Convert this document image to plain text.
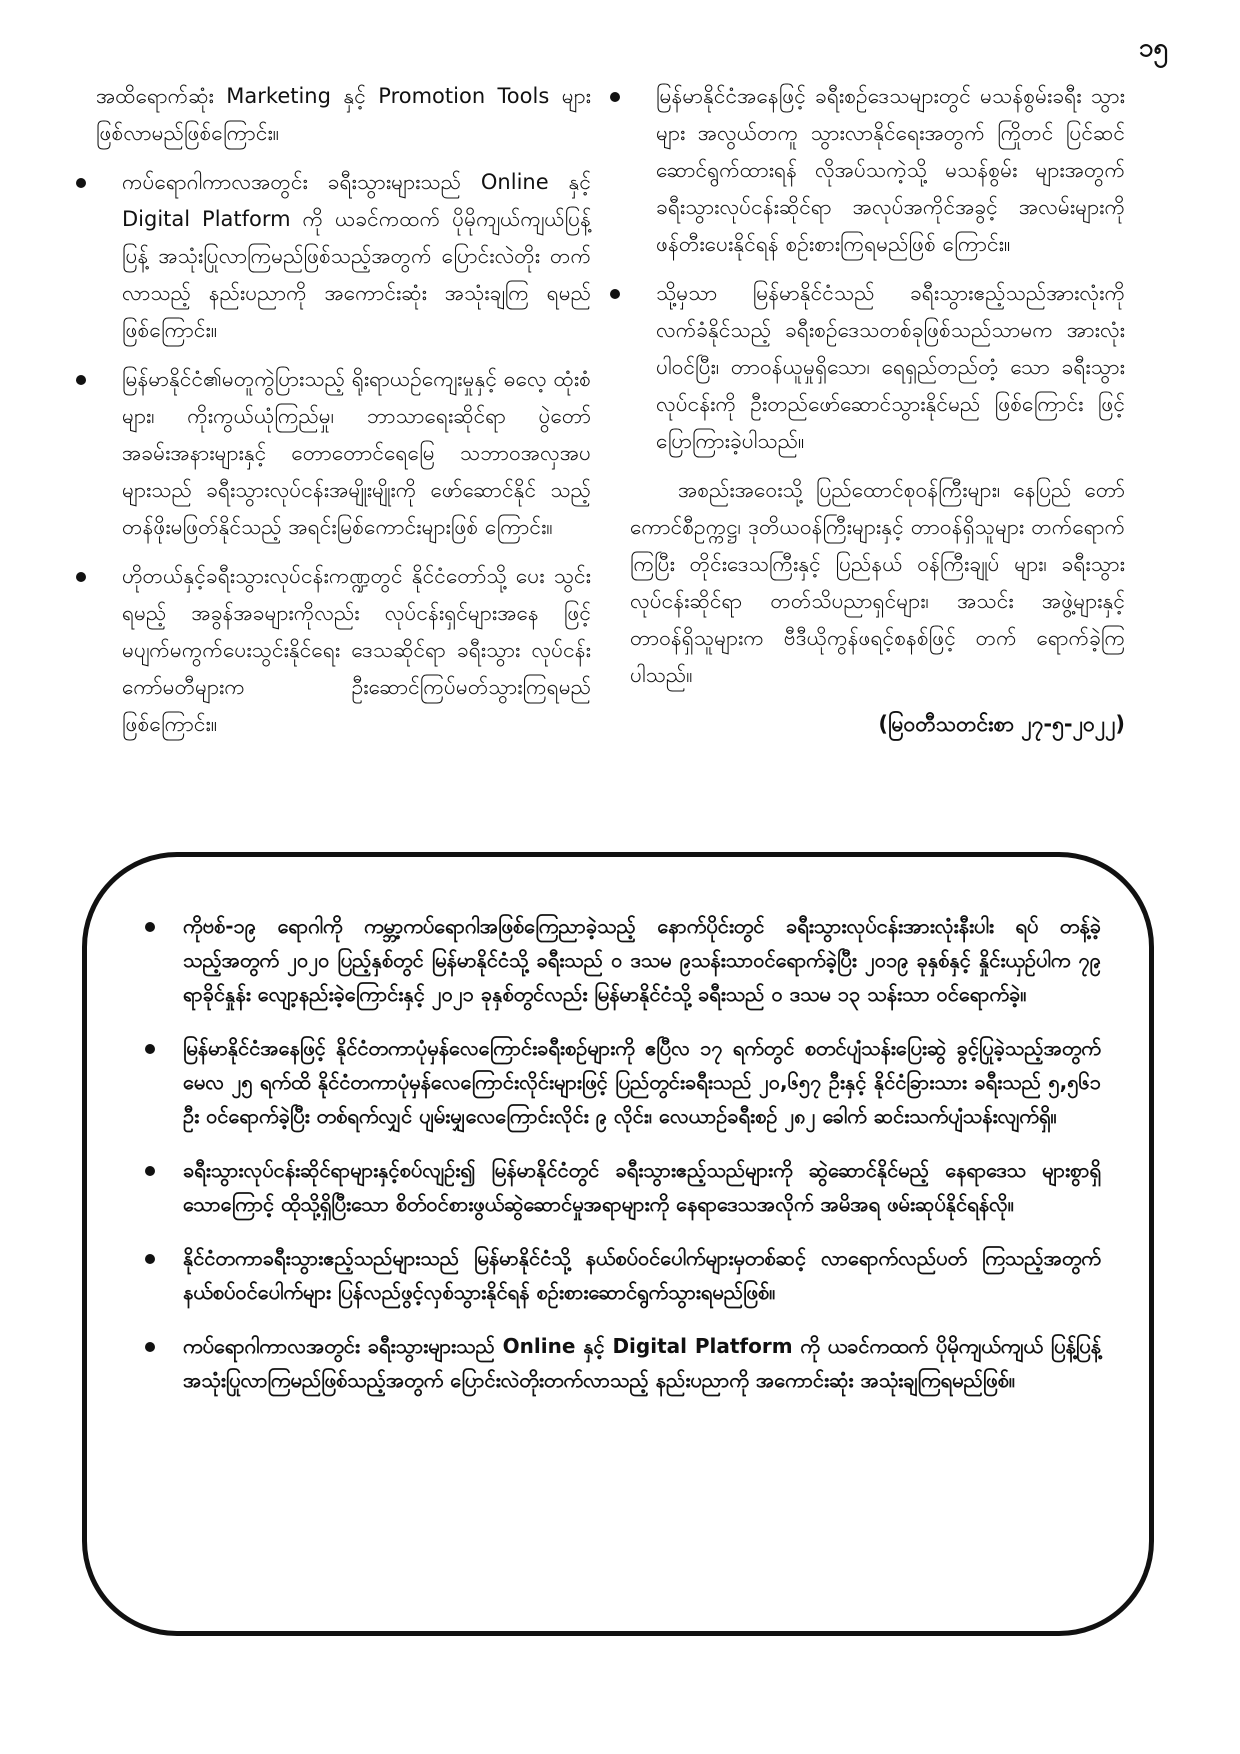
၁၅

အထိရောက်ဆုံး Marketing နှင့် Promotion Tools များ ဖြစ်လာမည်ဖြစ်ကြောင်း။

ကပ်ရောဂါကာလအတွင်း ခရီးသွားများသည် Online နှင့် Digital Platform ကို ယခင်ကထက် ပိုမိုကျယ်ကျယ်ပြန့် ပြန့် အသုံးပြုလာကြမည်ဖြစ်သည့်အတွက် ပြောင်းလဲတိုး တက်လာသည့် နည်းပညာကို အကောင်းဆုံး အသုံးချကြ ရမည်ဖြစ်ကြောင်း။
မြန်မာနိုင်ငံ၏မတူကွဲပြားသည့် ရိုးရာယဉ်ကျေးမှုနှင့် ဓလေ့ ထုံးစံများ၊ ကိုးကွယ်ယုံကြည်မှု၊ ဘာသာရေးဆိုင်ရာ ပွဲတော် အခမ်းအနားများနှင့် တောတောင်ရေမြေ သဘာဝအလှအပ များသည် ခရီးသွားလုပ်ငန်းအမျိုးမျိုးကို ဖော်ဆောင်နိုင် သည့် တန်ဖိုးမဖြတ်နိုင်သည့် အရင်းမြစ်ကောင်းများဖြစ် ကြောင်း။
ဟိုတယ်နှင့်ခရီးသွားလုပ်ငန်းကဏ္ဍတွင် နိုင်ငံတော်သို့ ပေး သွင်းရမည့် အခွန်အခများကိုလည်း လုပ်ငန်းရှင်များအနေ ဖြင့် မပျက်မကွက်ပေးသွင်းနိုင်ရေး ဒေသဆိုင်ရာ ခရီးသွား လုပ်ငန်းကော်မတီများက ဦးဆောင်ကြပ်မတ်သွားကြရမည် ဖြစ်ကြောင်း။
မြန်မာနိုင်ငံအနေဖြင့် ခရီးစဉ်ဒေသများတွင် မသန်စွမ်းခရီး သွားများ အလွယ်တကူ သွားလာနိုင်ရေးအတွက် ကြိုတင် ပြင်ဆင်ဆောင်ရွက်ထားရန် လိုအပ်သကဲ့သို့ မသန်စွမ်း များအတွက် ခရီးသွားလုပ်ငန်းဆိုင်ရာ အလုပ်အကိုင်အခွင့် အလမ်းများကို ဖန်တီးပေးနိုင်ရန် စဉ်းစားကြရမည်ဖြစ် ကြောင်း။
သို့မှသာ မြန်မာနိုင်ငံသည် ခရီးသွားဧည့်သည်အားလုံးကို လက်ခံနိုင်သည့် ခရီးစဉ်ဒေသတစ်ခုဖြစ်သည်သာမက အားလုံးပါဝင်ပြီး၊ တာဝန်ယူမှုရှိသော၊ ရေရှည်တည်တံ့ သော ခရီးသွားလုပ်ငန်းကို ဦးတည်ဖော်ဆောင်သွားနိုင်မည် ဖြစ်ကြောင်း ဖြင့် ပြောကြားခဲ့ပါသည်။

အစည်းအဝေးသို့ ပြည်ထောင်စုဝန်ကြီးများ၊ နေပြည် တော်ကောင်စီဥက္ကဋ္ဌ၊ ဒုတိယဝန်ကြီးများနှင့် တာဝန်ရှိသူများ တက်ရောက်ကြပြီး တိုင်းဒေသကြီးနှင့် ပြည်နယ် ဝန်ကြီးချုပ် များ၊ ခရီးသွားလုပ်ငန်းဆိုင်ရာ တတ်သိပညာရှင်များ၊ အသင်း အဖွဲ့များနှင့် တာဝန်ရှိသူများက ဗီဒီယိုကွန်ဖရင့်စနစ်ဖြင့် တက် ရောက်ခဲ့ကြပါသည်။

(မြဝတီသတင်းစာ ၂၇-၅-၂၀၂၂)
ကိုဗစ်-၁၉ ရောဂါကို ကမ္ဘာ့ကပ်ရောဂါအဖြစ်ကြေညာခဲ့သည့် နောက်ပိုင်းတွင် ခရီးသွားလုပ်ငန်းအားလုံးနီးပါး ရပ် တန့်ခဲ့သည့်အတွက် ၂၀၂၀ ပြည့်နှစ်တွင် မြန်မာနိုင်ငံသို့ ခရီးသည် ၀ ဒသမ ၉သန်းသာဝင်ရောက်ခဲ့ပြီး ၂၀၁၉ ခုနှစ်နှင့် နှိုင်းယှဉ်ပါက ၇၉ ရာခိုင်နှုန်း လျော့နည်းခဲ့ကြောင်းနှင့် ၂၀၂၁ ခုနှစ်တွင်လည်း မြန်မာနိုင်ငံသို့ ခရီးသည် ၀ ဒသမ ၁၃ သန်းသာ ဝင်ရောက်ခဲ့။
မြန်မာနိုင်ငံအနေဖြင့် နိုင်ငံတကာပုံမှန်လေကြောင်းခရီးစဉ်များကို ဧပြီလ ၁၇ ရက်တွင် စတင်ပျံသန်းပြေးဆွဲ ခွင့်ပြုခဲ့သည့်အတွက် မေလ ၂၅ ရက်ထိ နိုင်ငံတကာပုံမှန်လေကြောင်းလိုင်းများဖြင့် ပြည်တွင်းခရီးသည် ၂၀,၆၅၇ ဦးနှင့် နိုင်ငံခြားသား ခရီးသည် ၅,၅၆၁ ဦး ဝင်ရောက်ခဲ့ပြီး တစ်ရက်လျှင် ပျမ်းမျှလေကြောင်းလိုင်း ၉ လိုင်း၊ လေယာဉ်ခရီးစဉ် ၂၈၂ ခေါက် ဆင်းသက်ပျံသန်းလျက်ရှိ။
ခရီးသွားလုပ်ငန်းဆိုင်ရာများနှင့်စပ်လျဉ်း၍ မြန်မာနိုင်ငံတွင် ခရီးသွားဧည့်သည်များကို ဆွဲဆောင်နိုင်မည့် နေရာဒေသ များစွာရှိသောကြောင့် ထိုသို့ရှိပြီးသော စိတ်ဝင်စားဖွယ်ဆွဲဆောင်မှုအရာများကို နေရာဒေသအလိုက် အမိအရ ဖမ်းဆုပ်နိုင်ရန်လို။
နိုင်ငံတကာခရီးသွားဧည့်သည်များသည် မြန်မာနိုင်ငံသို့ နယ်စပ်ဝင်ပေါက်များမှတစ်ဆင့် လာရောက်လည်ပတ် ကြသည့်အတွက် နယ်စပ်ဝင်ပေါက်များ ပြန်လည်ဖွင့်လှစ်သွားနိုင်ရန် စဉ်းစားဆောင်ရွက်သွားရမည်ဖြစ်။
ကပ်ရောဂါကာလအတွင်း ခရီးသွားများသည် Online နှင့် Digital Platform ကို ယခင်ကထက် ပိုမိုကျယ်ကျယ် ပြန့်ပြန့် အသုံးပြုလာကြမည်ဖြစ်သည့်အတွက် ပြောင်းလဲတိုးတက်လာသည့် နည်းပညာကို အကောင်းဆုံး အသုံးချကြရမည်ဖြစ်။
